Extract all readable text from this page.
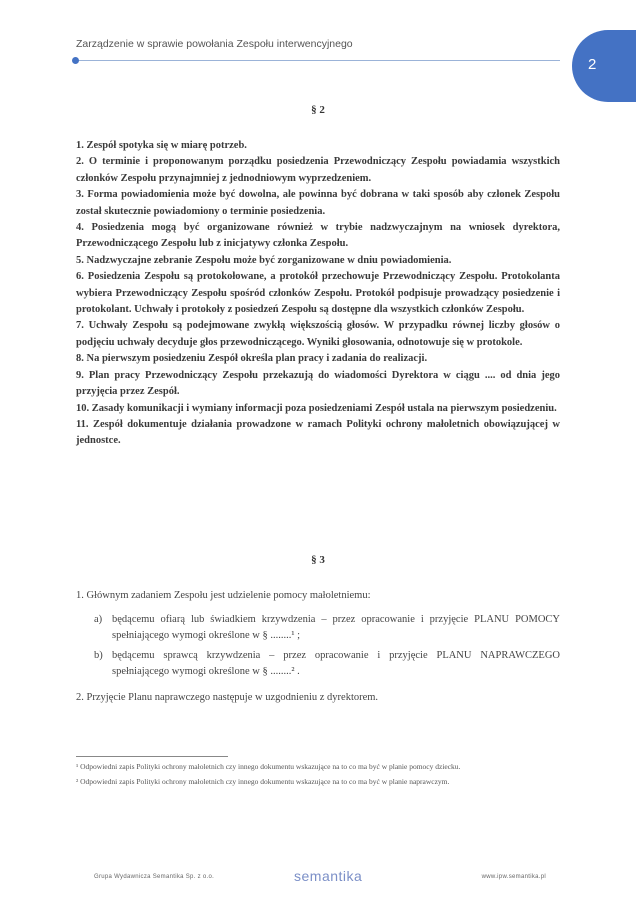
Zarządzenie w sprawie powołania Zespołu interwencyjnego
2
§ 2
1. Zespół spotyka się w miarę potrzeb.
2. O terminie i proponowanym porządku posiedzenia Przewodniczący Zespołu powiadamia wszystkich członków Zespołu przynajmniej z jednodniowym wyprzedzeniem.
3. Forma powiadomienia może być dowolna, ale powinna być dobrana w taki sposób aby członek Zespołu został skutecznie powiadomiony o terminie posiedzenia.
4. Posiedzenia mogą być organizowane również w trybie nadzwyczajnym na wniosek dyrektora, Przewodniczącego Zespołu lub z inicjatywy członka Zespołu.
5. Nadzwyczajne zebranie Zespołu może być zorganizowane w dniu powiadomienia.
6. Posiedzenia Zespołu są protokołowane, a protokół przechowuje Przewodniczący Zespołu. Protokolanta wybiera Przewodniczący Zespołu spośród członków Zespołu. Protokół podpisuje prowadzący posiedzenie i protokolant. Uchwały i protokoły z posiedzeń Zespołu są dostępne dla wszystkich członków Zespołu.
7. Uchwały Zespołu są podejmowane zwykłą większością głosów. W przypadku równej liczby głosów o podjęciu uchwały decyduje głos przewodniczącego. Wyniki głosowania, odnotowuje się w protokole.
8. Na pierwszym posiedzeniu Zespół określa plan pracy i zadania do realizacji.
9. Plan pracy Przewodniczący Zespołu przekazują do wiadomości Dyrektora w ciągu .... od dnia jego przyjęcia przez Zespół.
10. Zasady komunikacji i wymiany informacji poza posiedzeniami Zespół ustala na pierwszym posiedzeniu.
11. Zespół dokumentuje działania prowadzone w ramach Polityki ochrony małoletnich obowiązującej w jednostce.
§ 3
1. Głównym zadaniem Zespołu jest udzielenie pomocy małoletniemu:
a) będącemu ofiarą lub świadkiem krzywdzenia – przez opracowanie i przyjęcie PLANU POMOCY spełniającego wymogi określone w § ........¹ ;
b) będącemu sprawcą krzywdzenia – przez opracowanie i przyjęcie PLANU NAPRAWCZEGO spełniającego wymogi określone w § ........² .
2. Przyjęcie Planu naprawczego następuje w uzgodnieniu z dyrektorem.
¹ Odpowiedni zapis Polityki ochrony małoletnich czy innego dokumentu wskazujące na to co ma być w planie pomocy dziecku.
² Odpowiedni zapis Polityki ochrony małoletnich czy innego dokumentu wskazujące na to co ma być w planie naprawczym.
Grupa Wydawnicza Semantika Sp. z o.o.	semantika	www.ipw.semantika.pl
